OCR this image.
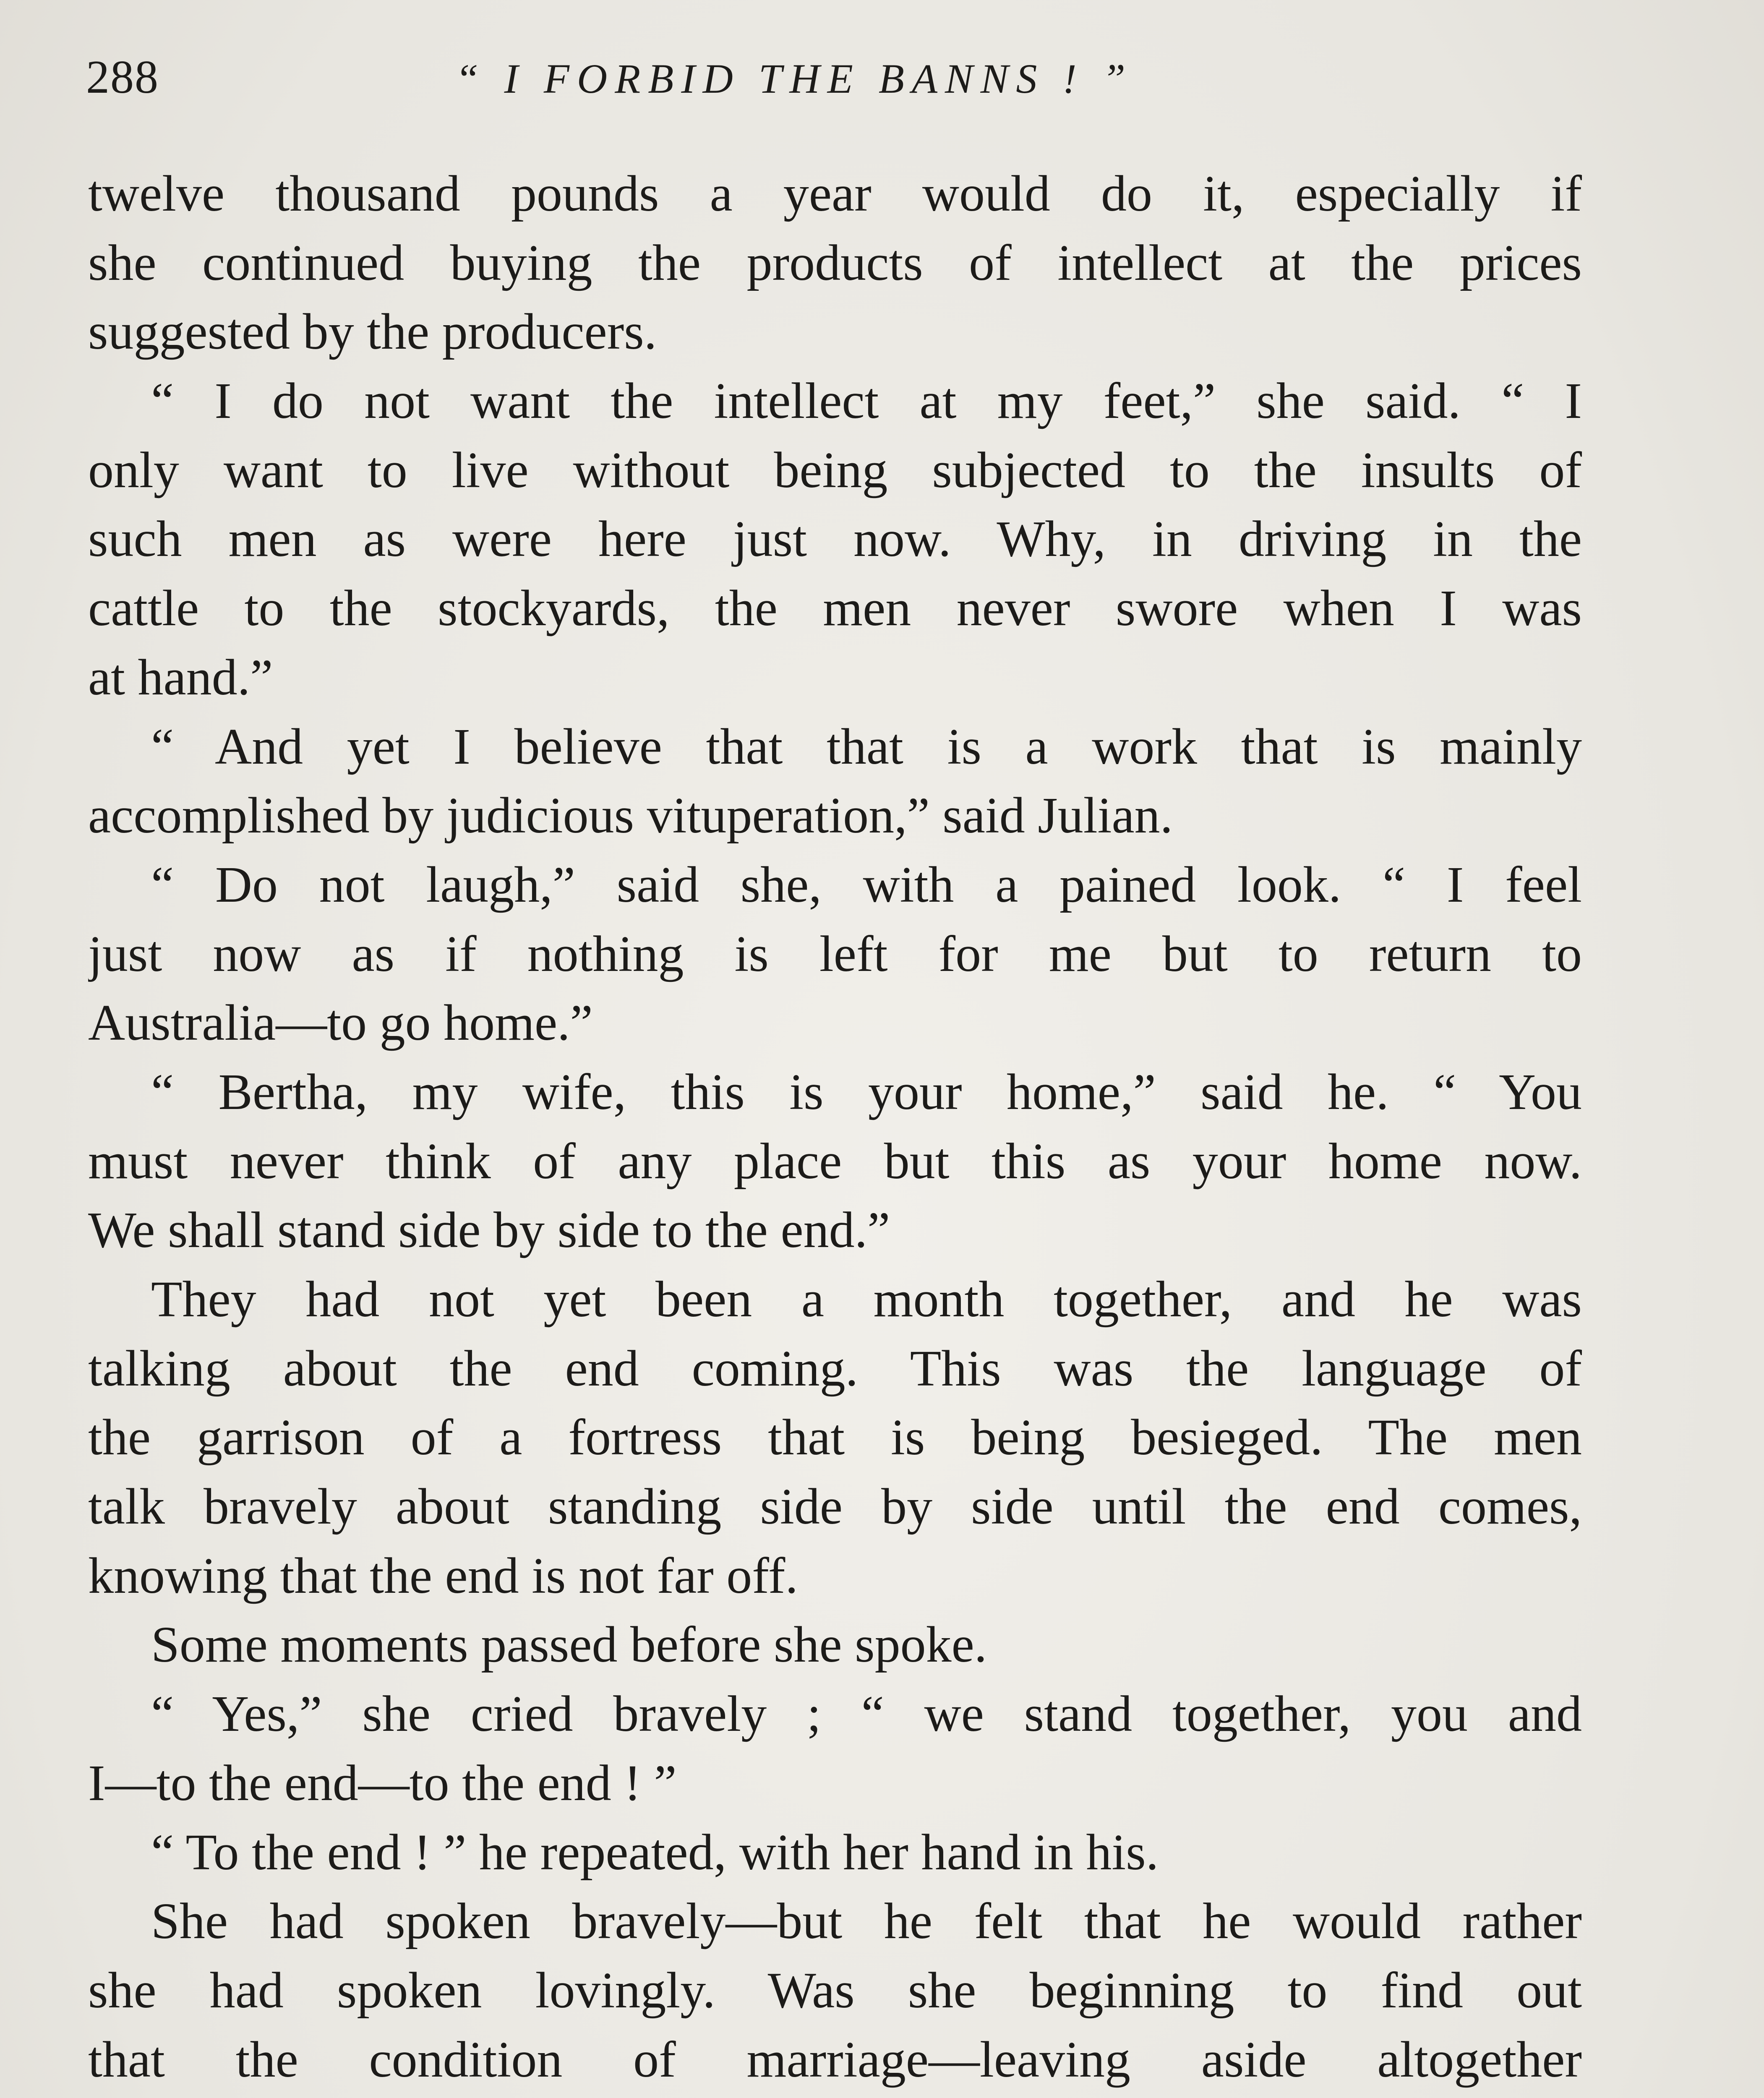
288	“ I FORBID THE BANNS ! ”
twelve thousand pounds a year would do it, especially if
she continued buying the products of intellect at the prices
suggested by the producers.
“ I do not want the intellect at my feet,” she said. “ I
only want to live without being subjected to the insults of
such men as were here just now. Why, in driving in the
cattle to the stockyards, the men never swore when I was
at hand.”
“ And yet I believe that that is a work that is mainly
accomplished by judicious vituperation,” said Julian.
“ Do not laugh,” said she, with a pained look. “ I feel
just now as if nothing is left for me but to return to
Australia—to go home.”
“ Bertha, my wife, this is your home,” said he. “ You
must never think of any place but this as your home now.
We shall stand side by side to the end.”
They had not yet been a month together, and he was
talking about the end coming. This was the language of
the garrison of a fortress that is being besieged. The men
talk bravely about standing side by side until the end comes,
knowing that the end is not far off.
Some moments passed before she spoke.
“ Yes,” she cried bravely ; “ we stand together, you and
I—to the end—to the end ! ”
“ To the end ! ” he repeated, with her hand in his.
She had spoken bravely—but he felt that he would rather
she had spoken lovingly. Was she beginning to find out
that the condition of marriage—leaving aside altogether
